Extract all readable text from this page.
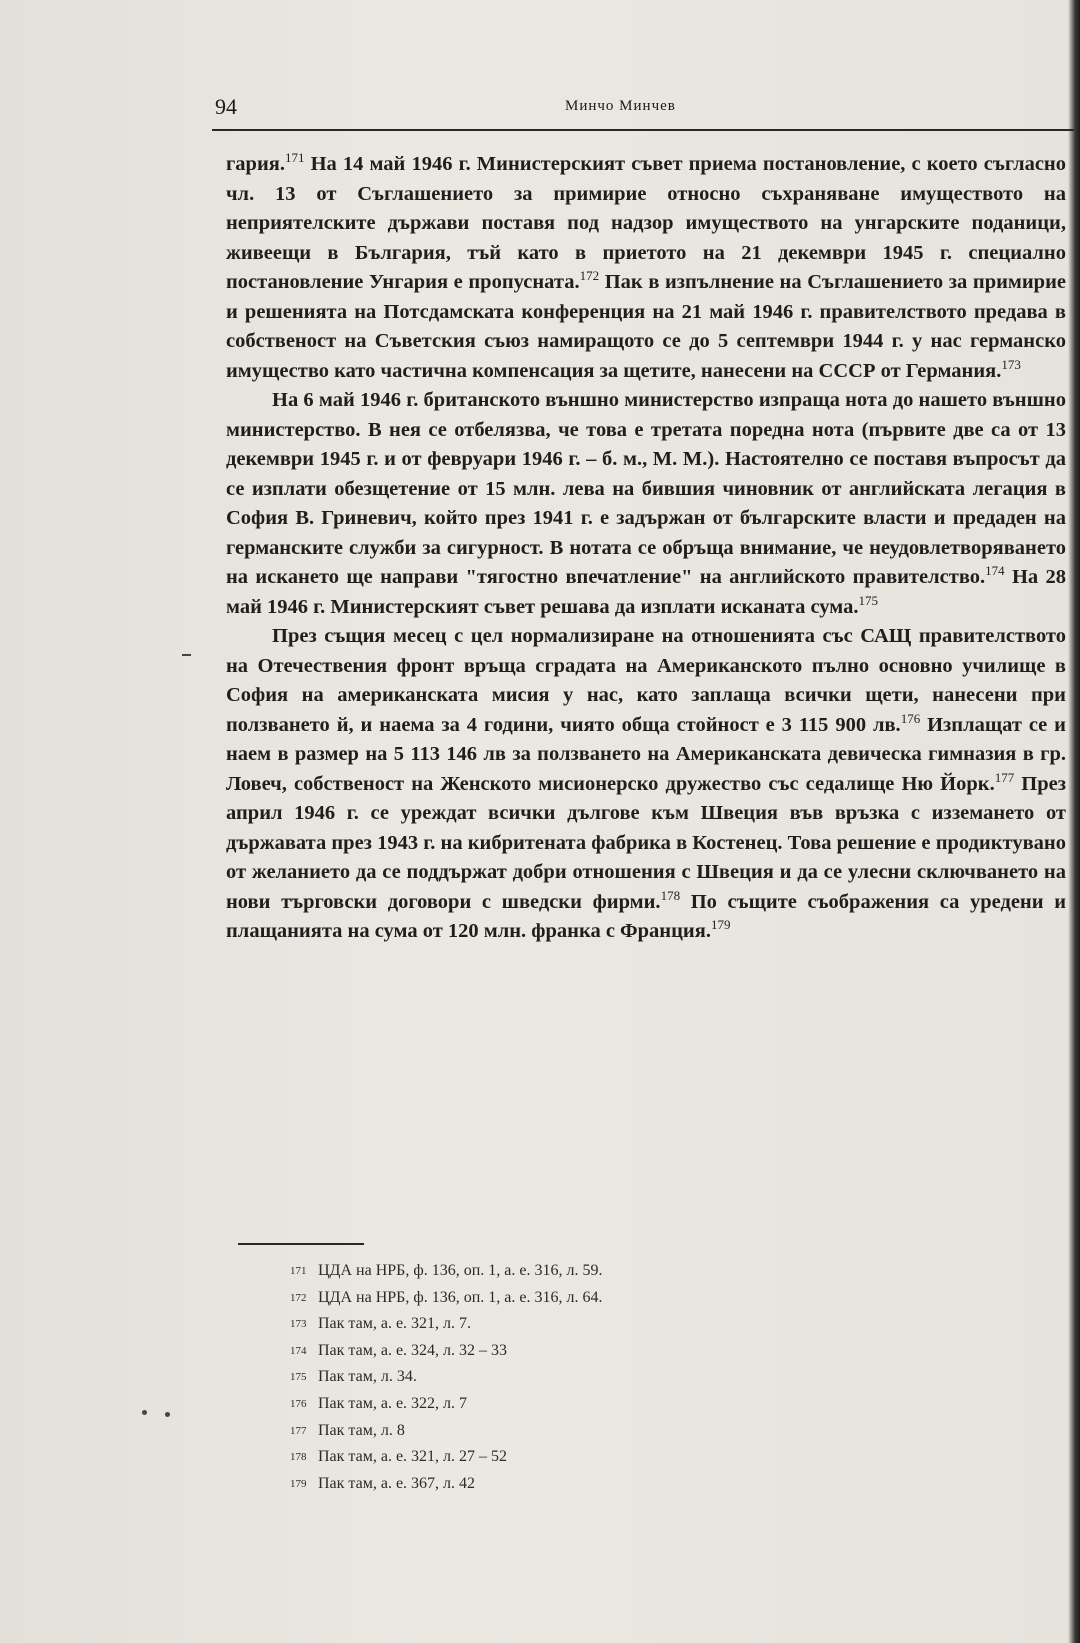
94	Минчо Минчев

гария.$^{171}$ На 14 май 1946 г. Министерският съвет приема постановление, с което съгласно чл. 13 от Съглашението за примирие относно съхраняване имуществото на неприятелските държави поставя под надзор имуществото на унгарските поданици, живеещи в България, тъй като в приетото на 21 декември 1945 г. специално постановление Унгария е пропусната.$^{172}$ Пак в изпълнение на Съглашението за примирие и решенията на Потсдамската конференция на 21 май 1946 г. правителството предава в собственост на Съветския съюз намиращото се до 5 септември 1944 г. у нас германско имущество като частична компенсация за щетите, нанесени на СССР от Германия.$^{173}$

На 6 май 1946 г. британското външно министерство изпраща нота до нашето външно министерство. В нея се отбелязва, че това е третата поредна нота (първите две са от 13 декември 1945 г. и от февруари 1946 г. – б. м., М. М.). Настоятелно се поставя въпросът да се изплати обезщетение от 15 млн. лева на бившия чиновник от английската легация в София В. Гриневич, който през 1941 г. е задържан от българските власти и предаден на германските служби за сигурност. В нотата се обръща внимание, че неудовлетворяването на искането ще направи "тягостно впечатление" на английското правителство.$^{174}$ На 28 май 1946 г. Министерският съвет решава да изплати исканата сума.$^{175}$

През същия месец с цел нормализиране на отношенията със САЩ правителството на Отечествения фронт връща сградата на Американското пълно основно училище в София на американската мисия у нас, като заплаща всички щети, нанесени при ползването й, и наема за 4 години, чиято обща стойност е 3 115 900 лв.$^{176}$ Изплащат се и наем в размер на 5 113 146 лв за ползването на Американската девическа гимназия в гр. Ловеч, собственост на Женското мисионерско дружество със седалище Ню Йорк.$^{177}$ През април 1946 г. се уреждат всички дългове към Швеция във връзка с изземането от държавата през 1943 г. на кибритената фабрика в Костенец. Това решение е продиктувано от желанието да се поддържат добри отношения с Швеция и да се улесни сключването на нови търговски договори с шведски фирми.$^{178}$ По същите съображения са уредени и плащанията на сума от 120 млн. франка с Франция.$^{179}$

171 ЦДА на НРБ, ф. 136, оп. 1, а. е. 316, л. 59.
172 ЦДА на НРБ, ф. 136, оп. 1, а. е. 316, л. 64.
173 Пак там, а. е. 321, л. 7.
174 Пак там, а. е. 324, л. 32 – 33
175 Пак там, л. 34.
176 Пак там, а. е. 322, л. 7
177 Пак там, л. 8
178 Пак там, а. е. 321, л. 27 – 52
179 Пак там, а. е. 367, л. 42
